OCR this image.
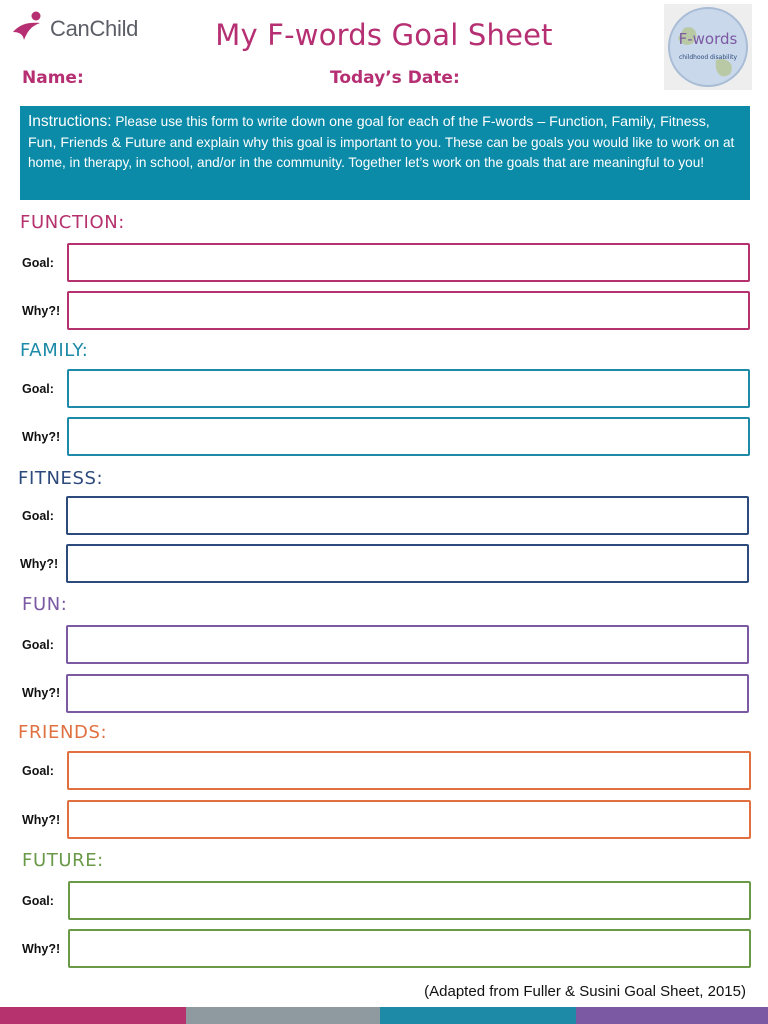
CanChild	My F-words Goal Sheet	F-words
childhood disability
Name:	Today’s Date:
Instructions: Please use this form to write down one goal for each of the F-words – Function, Family, Fitness, Fun, Friends & Future and explain why this goal is important to you. These can be goals you would like to work on at home, in therapy, in school, and/or in the community. Together let’s work on the goals that are meaningful to you!
FUNCTION:
Goal:
Why?!
FAMILY:
Goal:
Why?!
FITNESS:
Goal:
Why?!
FUN:
Goal:
Why?!
FRIENDS:
Goal:
Why?!
FUTURE:
Goal:
Why?!
(Adapted from Fuller & Susini Goal Sheet, 2015)
